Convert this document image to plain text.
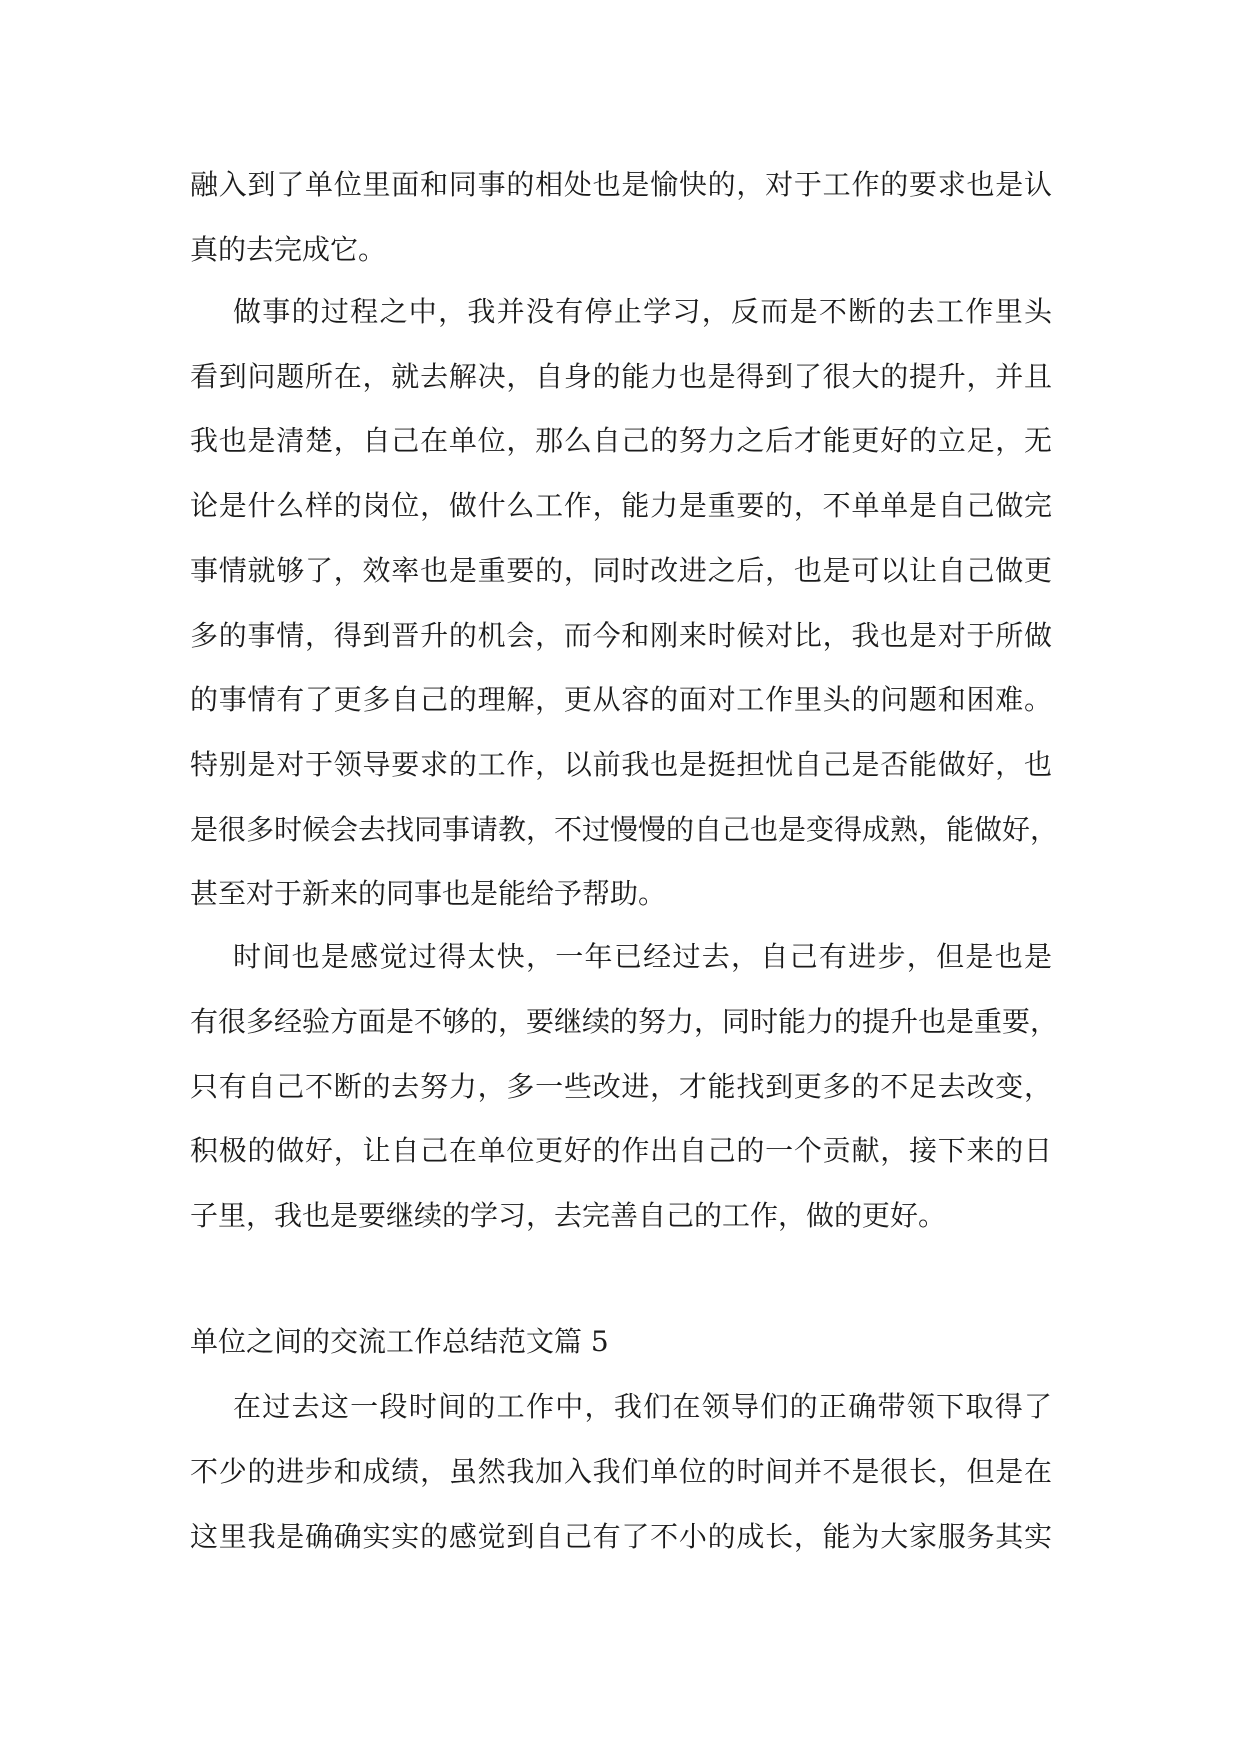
融入到了单位里面和同事的相处也是愉快的，对于工作的要求也是认
真的去完成它。
做事的过程之中，我并没有停止学习，反而是不断的去工作里头
看到问题所在，就去解决，自身的能力也是得到了很大的提升，并且
我也是清楚，自己在单位，那么自己的努力之后才能更好的立足，无
论是什么样的岗位，做什么工作，能力是重要的，不单单是自己做完
事情就够了，效率也是重要的，同时改进之后，也是可以让自己做更
多的事情，得到晋升的机会，而今和刚来时候对比，我也是对于所做
的事情有了更多自己的理解，更从容的面对工作里头的问题和困难。
特别是对于领导要求的工作，以前我也是挺担忧自己是否能做好，也
是很多时候会去找同事请教，不过慢慢的自己也是变得成熟，能做好，
甚至对于新来的同事也是能给予帮助。
时间也是感觉过得太快，一年已经过去，自己有进步，但是也是
有很多经验方面是不够的，要继续的努力，同时能力的提升也是重要，
只有自己不断的去努力，多一些改进，才能找到更多的不足去改变，
积极的做好，让自己在单位更好的作出自己的一个贡献，接下来的日
子里，我也是要继续的学习，去完善自己的工作，做的更好。
单位之间的交流工作总结范文篇 5
在过去这一段时间的工作中，我们在领导们的正确带领下取得了
不少的进步和成绩，虽然我加入我们单位的时间并不是很长，但是在
这里我是确确实实的感觉到自己有了不小的成长，能为大家服务其实
